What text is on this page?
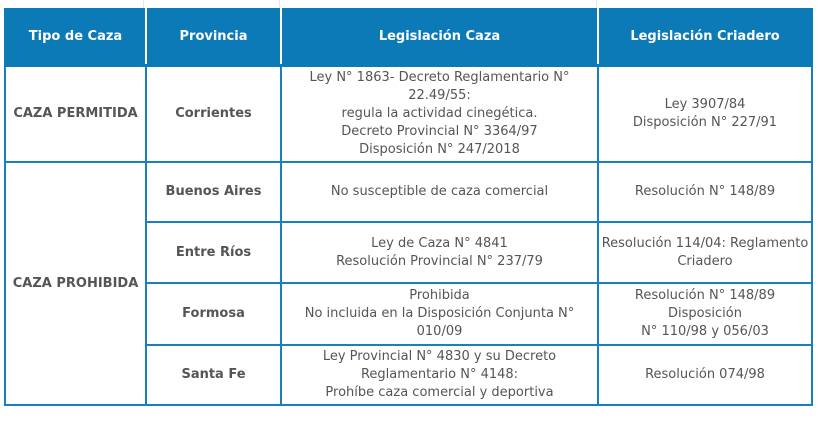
Tipo de Caza	Provincia	Legislación Caza	Legislación Criadero
CAZA PERMITIDA	Corrientes	Ley N° 1863- Decreto Reglamentario N° 22.49/55:
regula la actividad cinegética.
Decreto Provincial N° 3364/97
Disposición N° 247/2018	Ley 3907/84
Disposición N° 227/91

CAZA PROHIBIDA	Buenos Aires	No susceptible de caza comercial	Resolución N° 148/89

	Entre Ríos	Ley de Caza N° 4841
Resolución Provincial N° 237/79	Resolución 114/04: Reglamento
Criadero

	Formosa	Prohibida
No incluida en la Disposición Conjunta N°
010/09	Resolución N° 148/89 Disposición
N° 110/98 y 056/03

	Santa Fe	Ley Provincial N° 4830 y su Decreto
Reglamentario N° 4148:
Prohíbe caza comercial y deportiva	Resolución 074/98
